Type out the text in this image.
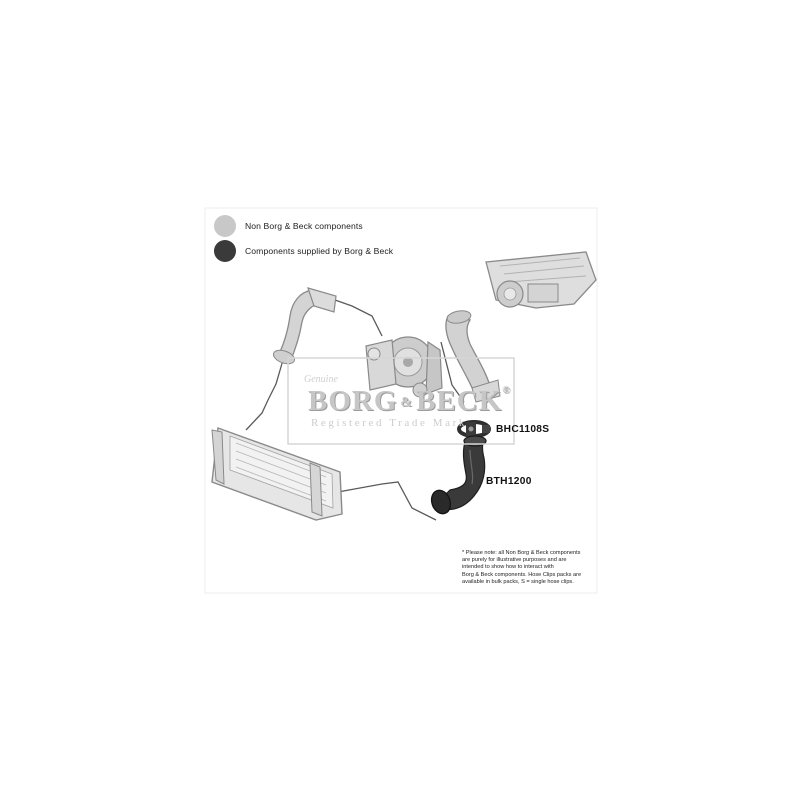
Non Borg & Beck components
Components supplied by Borg & Beck
Genuine
BORG & BECK®
Registered Trade Mark
BHC1108S
BTH1200
* Please note: all Non Borg & Beck components
are purely for illustrative purposes and are
intended to show how to interact with
Borg & Beck components. Hose Clips packs are
available in bulk packs, S = single hose clips.
